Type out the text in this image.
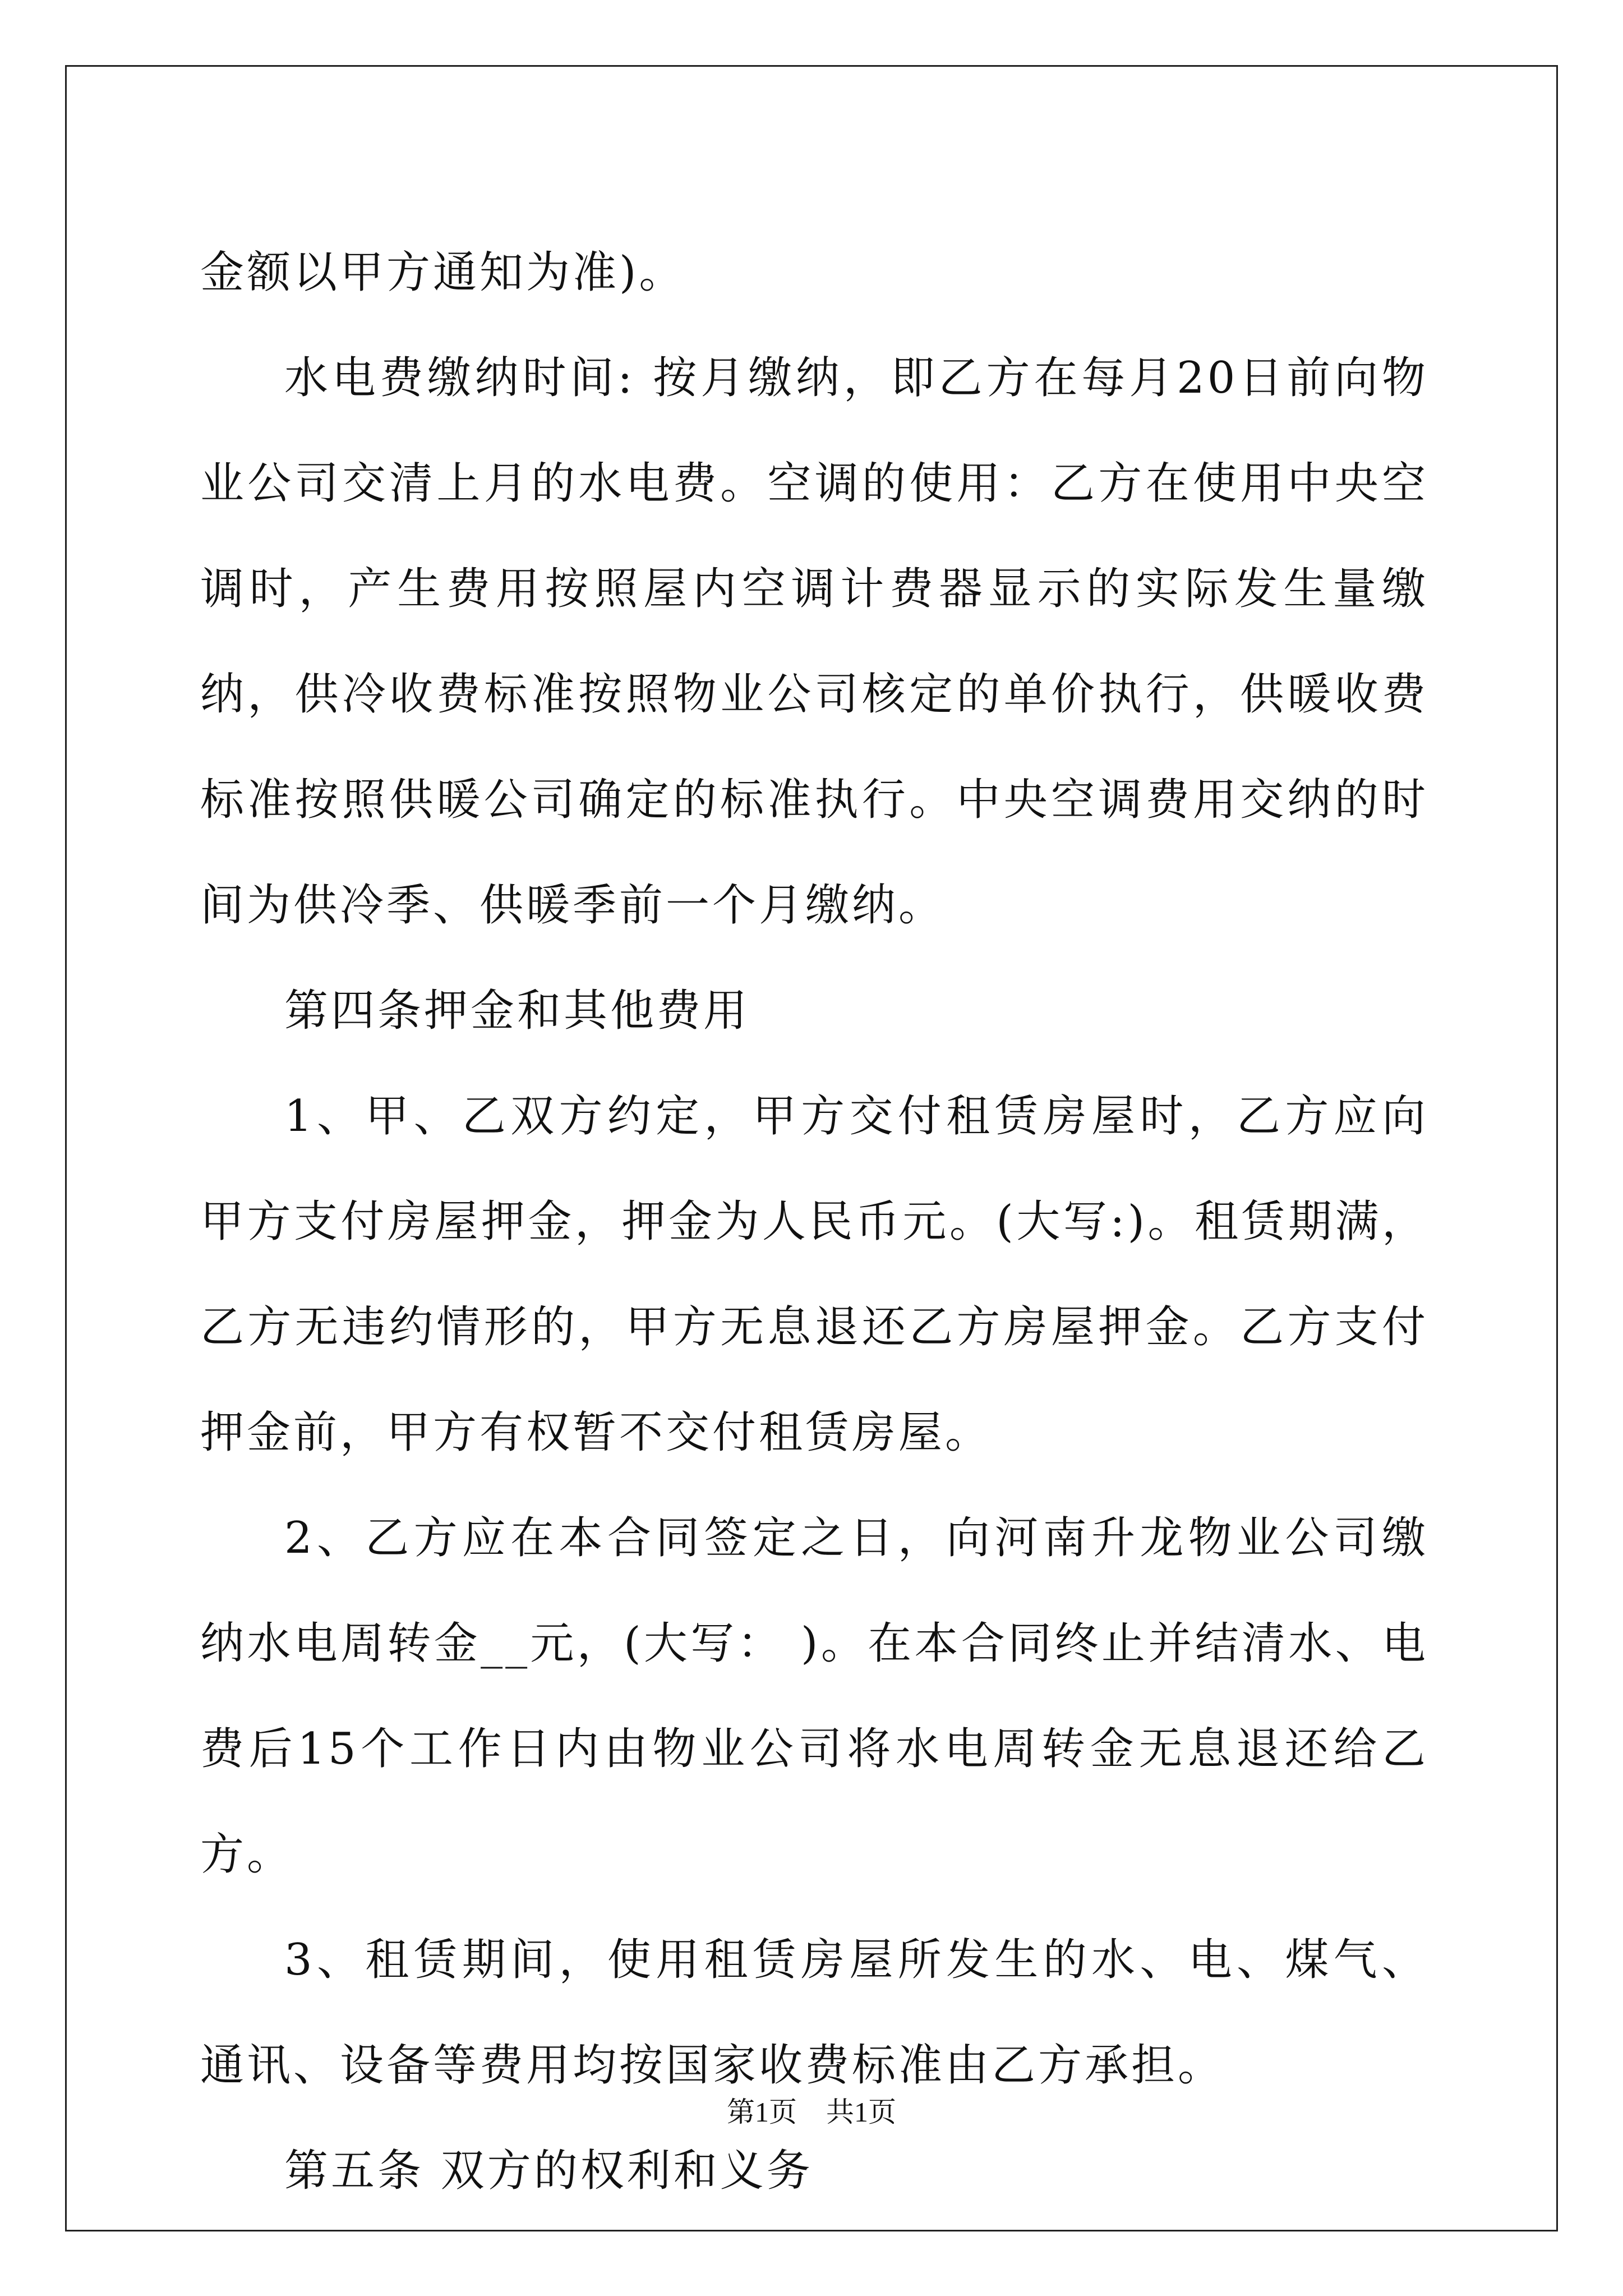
金额以甲方通知为准)。

水电费缴纳时间: 按月缴纳，即乙方在每月20日前向物业公司交清上月的水电费。空调的使用：乙方在使用中央空调时，产生费用按照屋内空调计费器显示的实际发生量缴纳，供冷收费标准按照物业公司核定的单价执行，供暖收费标准按照供暖公司确定的标准执行。中央空调费用交纳的时间为供冷季、供暖季前一个月缴纳。

第四条押金和其他费用

1、甲、乙双方约定，甲方交付租赁房屋时，乙方应向甲方支付房屋押金，押金为人民币元。(大写:)。租赁期满，乙方无违约情形的，甲方无息退还乙方房屋押金。乙方支付押金前，甲方有权暂不交付租赁房屋。

2、乙方应在本合同签定之日，向河南升龙物业公司缴纳水电周转金__元，(大写： )。在本合同终止并结清水、电费后15个工作日内由物业公司将水电周转金无息退还给乙方。

3、租赁期间，使用租赁房屋所发生的水、电、煤气、通讯、设备等费用均按国家收费标准由乙方承担。

第五条 双方的权利和义务

第1页 共1页
